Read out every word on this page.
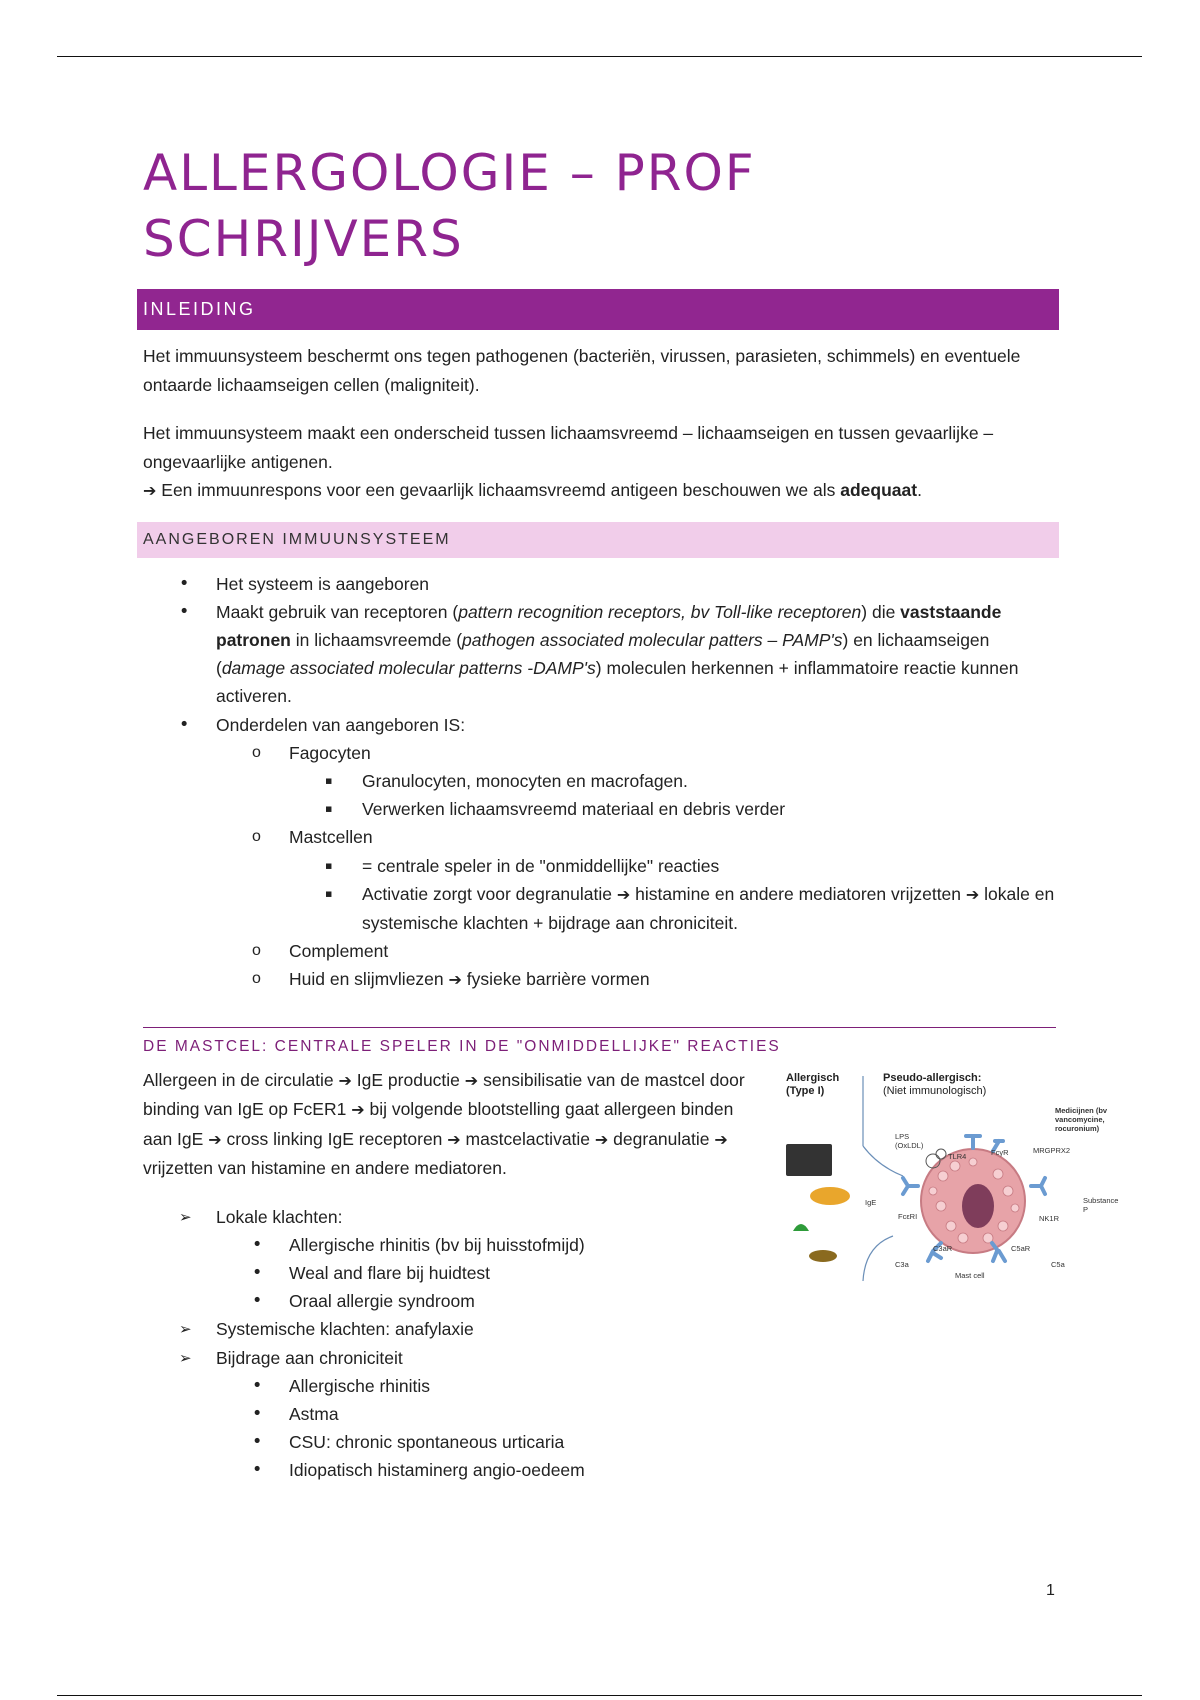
ALLERGOLOGIE – PROF SCHRIJVERS
INLEIDING

Het immuunsysteem beschermt ons tegen pathogenen (bacteriën, virussen, parasieten, schimmels) en eventuele ontaarde lichaamseigen cellen (maligniteit).

Het immuunsysteem maakt een onderscheid tussen lichaamsvreemd – lichaamseigen en tussen gevaarlijke – ongevaarlijke antigenen.

➔ Een immuunrespons voor een gevaarlijk lichaamsvreemd antigeen beschouwen we als adequaat.

AANGEBOREN IMMUUNSYSTEEM
• Het systeem is aangeboren
• Maakt gebruik van receptoren (pattern recognition receptors, bv Toll-like receptoren) die vaststaande patronen in lichaamsvreemde (pathogen associated molecular patters – PAMP's) en lichaamseigen (damage associated molecular patterns -DAMP's) moleculen herkennen + inflammatoire reactie kunnen activeren.
• Onderdelen van aangeboren IS:
o Fagocyten
▪ Granulocyten, monocyten en macrofagen.
▪ Verwerken lichaamsvreemd materiaal en debris verder
o Mastcellen
▪ = centrale speler in de "onmiddellijke" reacties
▪ Activatie zorgt voor degranulatie ➔ histamine en andere mediatoren vrijzetten ➔ lokale en systemische klachten + bijdrage aan chroniciteit.
o Complement
o Huid en slijmvliezen ➔ fysieke barrière vormen
DE MASTCEL: CENTRALE SPELER IN DE "ONMIDDELLIJKE" REACTIES

Allergeen in de circulatie ➔ IgE productie ➔ sensibilisatie van de mastcel door binding van IgE op FcER1 ➔ bij volgende blootstelling gaat allergeen binden aan IgE ➔ cross linking IgE receptoren ➔ mastcelactivatie ➔ degranulatie ➔ vrijzetten van histamine en andere mediatoren.

➢ Lokale klachten:
• Allergische rhinitis (bv bij huisstofmijd)
• Weal and flare bij huidtest
• Oraal allergie syndroom
➢ Systemische klachten: anafylaxie
➢ Bijdrage aan chroniciteit
• Allergische rhinitis
• Astma
• CSU: chronic spontaneous urticaria
• Idiopatisch histaminerg angio-oedeem
Allergisch
(Type I)
Pseudo-allergisch:
(Niet immunologisch)
Medicijnen (bv vancomycine, rocuronium)
MRGPRX2
Substance P
IgE
FcεRI
Mast cell
C3a	C5a
C3aR	C5aR
NK1R
TLR4
LPS (OxLDL)
FcγR
1
